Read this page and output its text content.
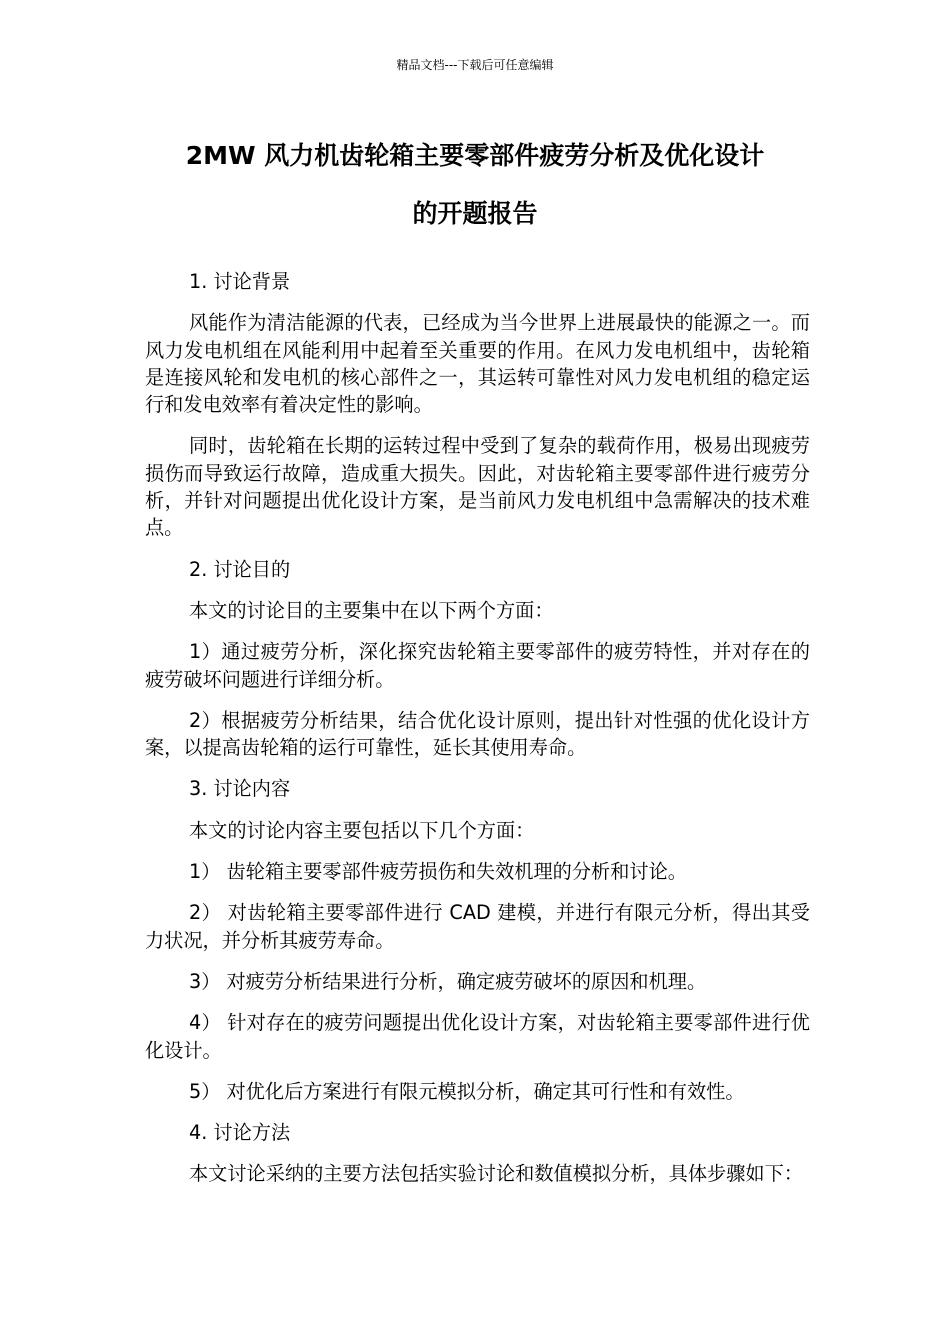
精品文档---下载后可任意编辑
2MW 风力机齿轮箱主要零部件疲劳分析及优化设计
的开题报告

1. 讨论背景

风能作为清洁能源的代表，已经成为当今世界上进展最快的能源之一。而风力发电机组在风能利用中起着至关重要的作用。在风力发电机组中，齿轮箱是连接风轮和发电机的核心部件之一，其运转可靠性对风力发电机组的稳定运行和发电效率有着决定性的影响。

同时，齿轮箱在长期的运转过程中受到了复杂的载荷作用，极易出现疲劳损伤而导致运行故障，造成重大损失。因此，对齿轮箱主要零部件进行疲劳分析，并针对问题提出优化设计方案，是当前风力发电机组中急需解决的技术难点。

2. 讨论目的

本文的讨论目的主要集中在以下两个方面：

1）通过疲劳分析，深化探究齿轮箱主要零部件的疲劳特性，并对存在的疲劳破坏问题进行详细分析。

2）根据疲劳分析结果，结合优化设计原则，提出针对性强的优化设计方案，以提高齿轮箱的运行可靠性，延长其使用寿命。

3. 讨论内容

本文的讨论内容主要包括以下几个方面：

1） 齿轮箱主要零部件疲劳损伤和失效机理的分析和讨论。

2） 对齿轮箱主要零部件进行 CAD 建模，并进行有限元分析，得出其受力状况，并分析其疲劳寿命。

3） 对疲劳分析结果进行分析，确定疲劳破坏的原因和机理。

4） 针对存在的疲劳问题提出优化设计方案，对齿轮箱主要零部件进行优化设计。

5） 对优化后方案进行有限元模拟分析，确定其可行性和有效性。

4. 讨论方法

本文讨论采纳的主要方法包括实验讨论和数值模拟分析，具体步骤如下：
